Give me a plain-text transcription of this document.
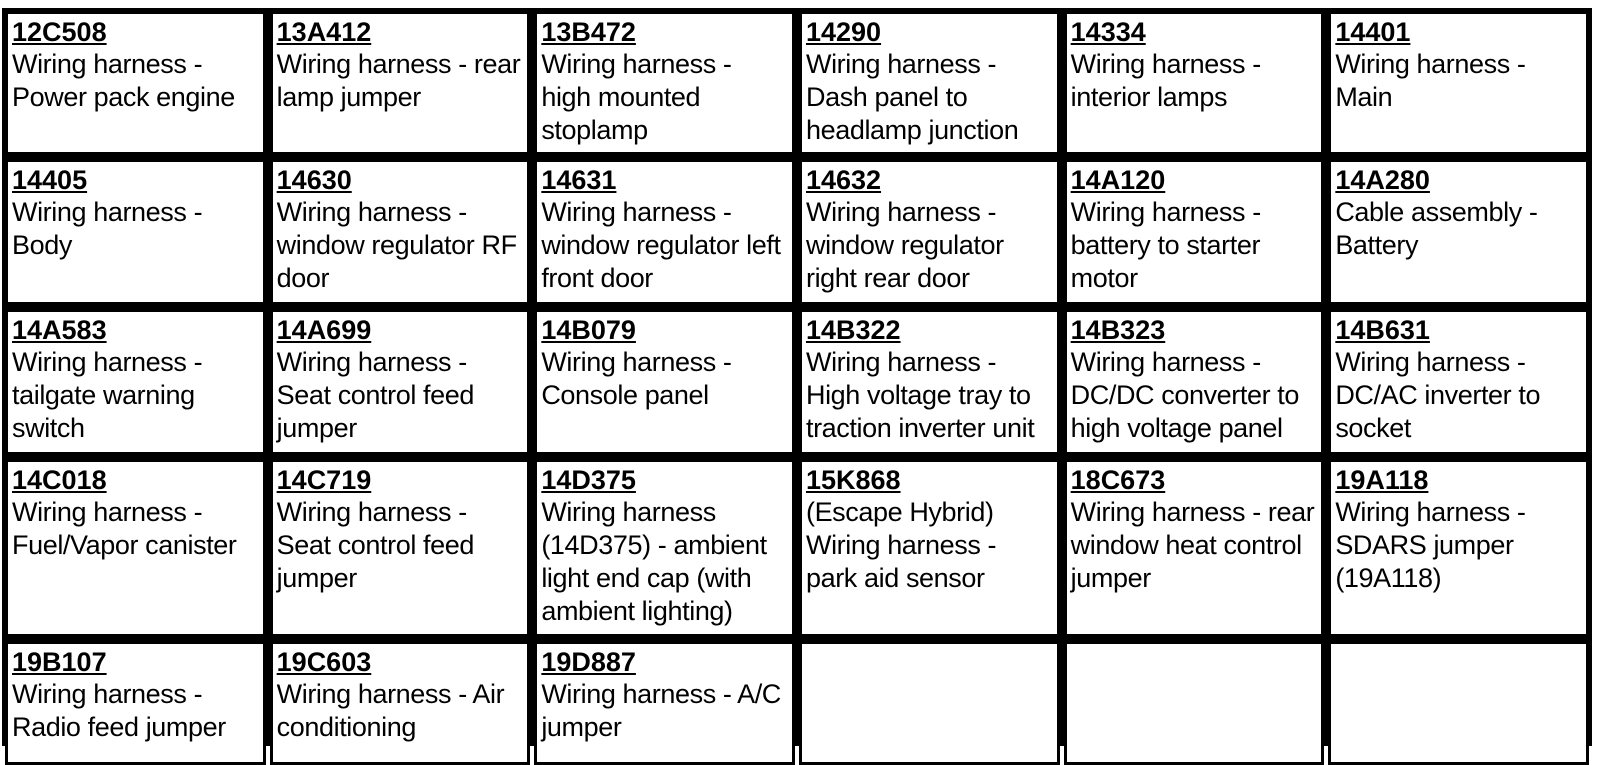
12C508
Wiring harness - Power pack engine
13A412
Wiring harness - rear lamp jumper
13B472
Wiring harness - high mounted stoplamp
14290
Wiring harness - Dash panel to headlamp junction
14334
Wiring harness - interior lamps
14401
Wiring harness - Main
14405
Wiring harness - Body
14630
Wiring harness - window regulator RF door
14631
Wiring harness - window regulator left front door
14632
Wiring harness - window regulator right rear door
14A120
Wiring harness - battery to starter motor
14A280
Cable assembly - Battery
14A583
Wiring harness - tailgate warning switch
14A699
Wiring harness - Seat control feed jumper
14B079
Wiring harness - Console panel
14B322
Wiring harness - High voltage tray to traction inverter unit
14B323
Wiring harness - DC/DC converter to high voltage panel
14B631
Wiring harness - DC/AC inverter to socket
14C018
Wiring harness - Fuel/Vapor canister
14C719
Wiring harness - Seat control feed jumper
14D375
Wiring harness (14D375) - ambient light end cap (with ambient lighting)
15K868
(Escape Hybrid) Wiring harness - park aid sensor
18C673
Wiring harness - rear window heat control jumper
19A118
Wiring harness - SDARS jumper (19A118)
19B107
Wiring harness - Radio feed jumper
19C603
Wiring harness - Air conditioning
19D887
Wiring harness - A/C jumper
